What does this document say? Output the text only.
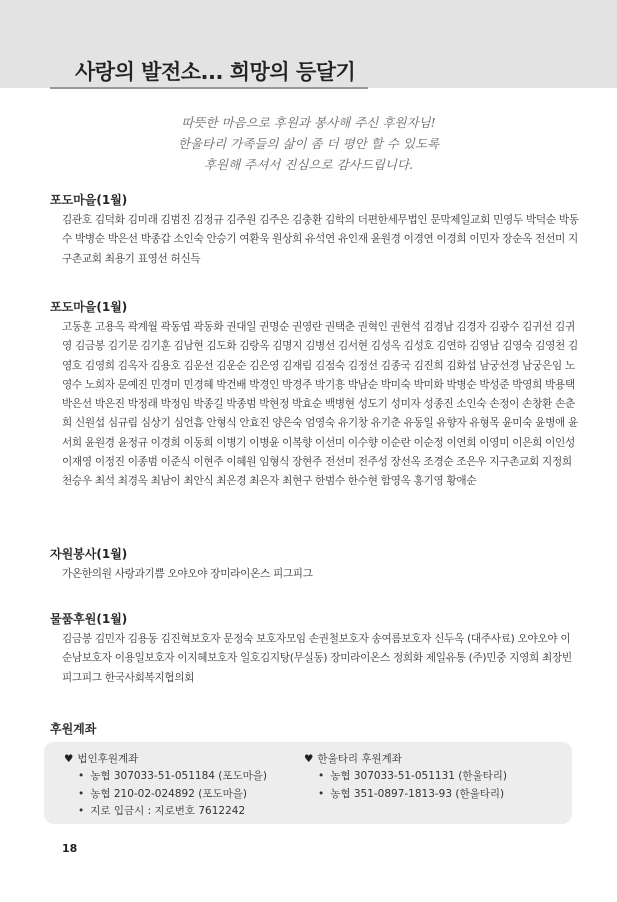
사랑의 발전소... 희망의 등달기
따뜻한 마음으로 후원과 봉사해 주신 후원자님!
한울타리 가족들의 삶이 좀 더 평안 할 수 있도록
후원해 주셔서 진심으로 감사드립니다.
포도마을(1월)

김관호 김덕화 김미래 김범진 김정규 김주원 김주은 김충환 김학의 더편한세무법인 문막제일교회 민영두 박덕순 박동수 박병순 박은선 박종갑 소인숙 안승기 여환욱 원상희 유석연 유인재 윤원경 이경연 이경희 이민자 장순옥 전선미 지구촌교회 최용기 표영선 허신득

포도마을(1월)

고동훈 고용옥 곽계월 곽동엽 곽동화 권대일 권명순 권영란 권택춘 권혁인 권현석 김경남 김경자 김광수 김귀선 김귀영 김금봉 김기문 김기훈 김남현 김도화 김랑옥 김명지 김병선 김서현 김성옥 김성호 김연하 김영남 김영숙 김영천 김영호 김영희 김옥자 김용호 김운선 김운순 김은영 김재림 김점숙 김정선 김종국 김진희 김화섭 남궁선경 남궁은임 노영수 노희자 문예진 민경미 민경혜 박건배 박경인 박경주 박기흥 박남순 박미숙 박미화 박병순 박성준 박영희 박용택 박은선 박은진 박정래 박정임 박종길 박종범 박현정 박효순 백병현 성도기 성미자 성종진 소인숙 손정이 손창환 손춘희 신원섭 심규림 심상기 심언흠 안형식 안효진 양은숙 엄영숙 유기창 유기춘 유동일 유향자 유형목 윤미숙 윤병애 윤서희 윤원경 윤정규 이경희 이동희 이병기 이병윤 이복향 이선미 이수향 이순란 이순정 이연희 이영미 이은희 이인성 이재영 이정진 이종범 이준식 이현주 이혜원 임형식 장현주 전선미 전주성 장선옥 조경순 조은우 지구촌교회 지정희 천승우 최석 최경옥 최남이 최안식 최은경 최은자 최현구 한범수 한수현 함영옥 홍기영 황애순

자원봉사(1월)

가온한의원 사랑과기쁨 오야오야 장미라이온스 피그피그

물품후원(1월)

김금봉 김민자 김용동 김진혁보호자 문정숙 보호자모임 손권철보호자 송여름보호자 신두옥 (대주사료) 오야오야 이순남보호자 이용일보호자 이지혜보호자 일호김지탕(무실동) 장미라이온스 정희화 제일유통 (주)민중 지영희 최장빈 피그피그 한국사회복지협의회

후원계좌
♥ 법인후원계좌
• 농협 307033-51-051184 (포도마을)
• 농협 210-02-024892 (포도마을)
• 지로 입금시 : 지로번호 7612242
♥ 한울타리 후원계좌
• 농협 307033-51-051131 (한울타리)
• 농협 351-0897-1813-93 (한울타리)
18
